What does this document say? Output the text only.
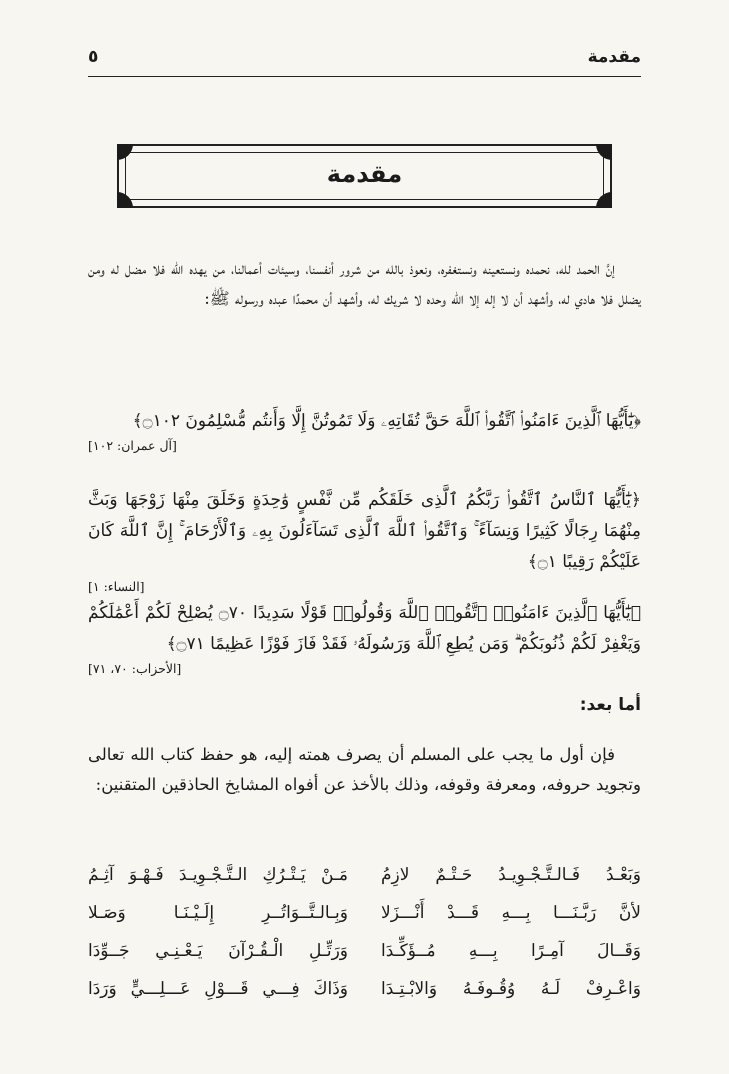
مقدمة
٥
مقدمة

إنَّ الحمد لله، نحمده ونستعينه ونستغفره، ونعوذ بالله من شرور أنفسنا، وسيئات أعمالنا، من يهده الله فلا مضل له ومن يضلل فلا هادي له، وأشهد أن لا إله إلا الله وحده لا شريك له، وأشهد أن محمدًا عبده ورسوله ﷺ:

﴿يَٰٓأَيُّهَا ٱلَّذِينَ ءَامَنُوا۟ ٱتَّقُوا۟ ٱللَّهَ حَقَّ تُقَاتِهِۦ وَلَا تَمُوتُنَّ إِلَّا وَأَنتُم مُّسْلِمُونَ ۝١٠٢﴾

[آل عمران: ١٠٢]

﴿يَٰٓأَيُّهَا ٱلنَّاسُ ٱتَّقُوا۟ رَبَّكُمُ ٱلَّذِى خَلَقَكُم مِّن نَّفْسٍ وَٰحِدَةٍ وَخَلَقَ مِنْهَا زَوْجَهَا وَبَثَّ مِنْهُمَا رِجَالًا كَثِيرًا وَنِسَآءً ۚ وَٱتَّقُوا۟ ٱللَّهَ ٱلَّذِى تَسَآءَلُونَ بِهِۦ وَٱلْأَرْحَامَ ۚ إِنَّ ٱللَّهَ كَانَ عَلَيْكُمْ رَقِيبًا ۝١﴾

[النساء: ١]

﴿يَٰٓأَيُّهَا ٱلَّذِينَ ءَامَنُوا۟ ٱتَّقُوا۟ ٱللَّهَ وَقُولُوا۟ قَوْلًا سَدِيدًا ۝٧٠ يُصْلِحْ لَكُمْ أَعْمَٰلَكُمْ وَيَغْفِرْ لَكُمْ ذُنُوبَكُمْ ۗ وَمَن يُطِعِ ٱللَّهَ وَرَسُولَهُۥ فَقَدْ فَازَ فَوْزًا عَظِيمًا ۝٧١﴾

[الأحزاب: ٧٠، ٧١]

أما بعد:

فإن أول ما يجب على المسلم أن يصرف همته إليه، هو حفظ كتاب الله تعالى وتجويد حروفه، ومعرفة وقوفه، وذلك بالأخذ عن أفواه المشايخ الحاذقين المتقنين:

وَبَعْـدُ فَـالـتَّـجْـوِيـدُ حَـتْـمٌ لازِمُ
مَـنْ يَـتْـرُكِ الـتَّـجْـوِيـدَ فَـهْـوَ آثِـمُ
لأنَّ رَبَّـنَـــا بِـــهِ قَـــدْ أَنْـــزَلا
وَبِـالـتَّــوَاتُــرِ إِلَـيْـنَـا وَصَـلا
وَقَــالَ آمِـرًا بِـــهِ مُــؤَكِّـدَا
وَرَتِّـلِ الْـقُـرْآنَ يَـعْـنِـي جَــوِّدَا
وَاعْـرِفْ لَـهُ وُقُـوفَـهُ وَالابْـتِـدَا
وَذَاكَ فِـــي قَـــوْلِ عَـــلِـــيٍّ وَرَدَا
